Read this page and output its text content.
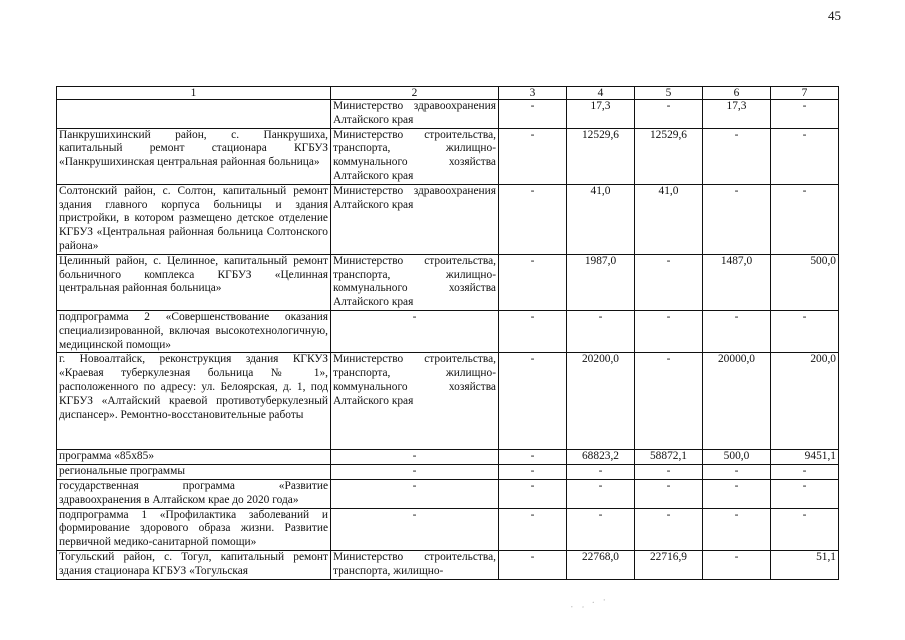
45
1	2	3	4	5	6	7
	Министерство здравоохранения Алтайского края	-	17,3	-	17,3	-
Панкрушихинский район, с. Панкрушиха, капитальный ремонт стационара КГБУЗ «Панкрушихинская центральная районная больница»	Министерство строительства, транспорта, жилищно-коммунального хозяйства Алтайского края	-	12529,6	12529,6	-	-
Солтонский район, с. Солтон, капитальный ремонт здания главного корпуса больницы и здания пристройки, в котором размещено детское отделение КГБУЗ «Центральная районная больница Солтонского района»	Министерство здравоохранения Алтайского края	-	41,0	41,0	-	-
Целинный район, с. Целинное, капитальный ремонт больничного комплекса КГБУЗ «Целинная центральная районная больница»	Министерство строительства, транспорта, жилищно-коммунального хозяйства Алтайского края	-	1987,0	-	1487,0	500,0
подпрограмма 2 «Совершенствование оказания специализированной, включая высокотехнологичную, медицинской помощи»	-	-	-	-	-	-
г. Новоалтайск, реконструкция здания КГКУЗ «Краевая туберкулезная больница № 1», расположенного по адресу: ул. Белоярская, д. 1, под КГБУЗ «Алтайский краевой противотуберкулезный диспансер». Ремонтно-восстановительные работы	Министерство строительства, транспорта, жилищно-коммунального хозяйства Алтайского края	-	20200,0	-	20000,0	200,0
программа «85х85»	-	-	68823,2	58872,1	500,0	9451,1
региональные программы	-	-	-	-	-	-
государственная программа «Развитие здравоохранения в Алтайском крае до 2020 года»	-	-	-	-	-	-
подпрограмма 1 «Профилактика заболеваний и формирование здорового образа жизни. Развитие первичной медико-санитарной помощи»	-	-	-	-	-	-
Тогульский район, с. Тогул, капитальный ремонт здания стационара КГБУЗ «Тогульская	Министерство строительства, транспорта, жилищно-	-	22768,0	22716,9	-	51,1
· . · ·
